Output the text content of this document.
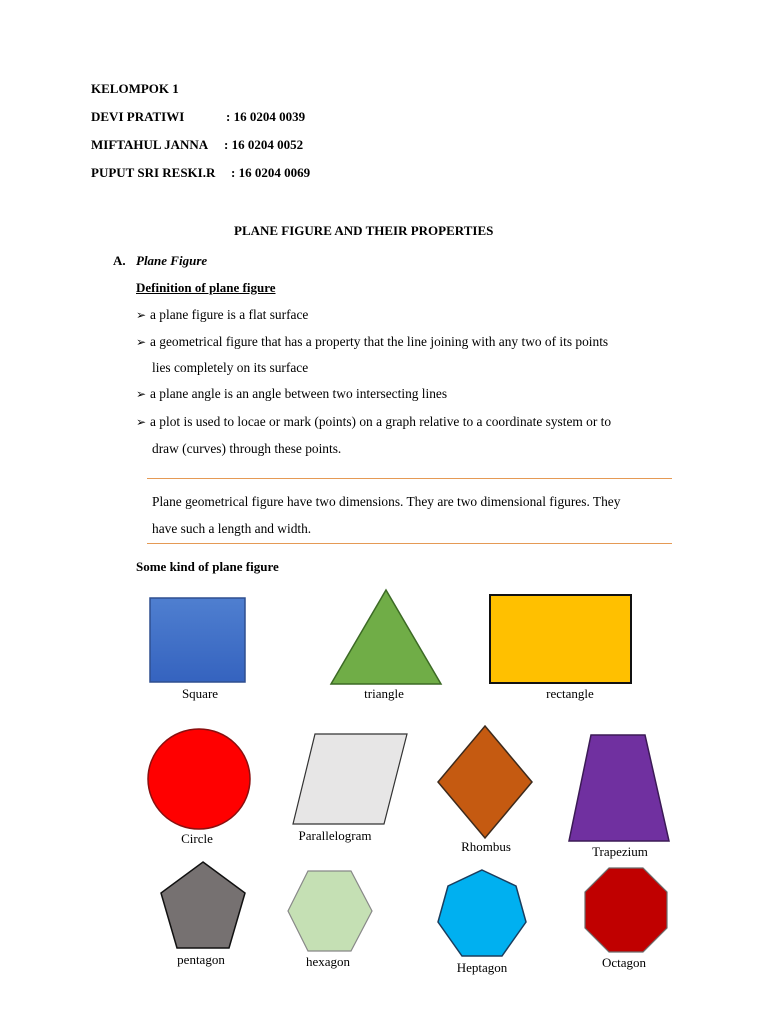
KELOMPOK 1
DEVI PRATIWI	: 16 0204 0039
MIFTAHUL JANNA : 16 0204 0052
PUPUT SRI RESKI.R : 16 0204 0069
PLANE FIGURE AND THEIR PROPERTIES
A. Plane Figure
Definition of plane figure
➢ a plane figure is a flat surface
➢ a geometrical figure that has a property that the line joining with any two of its points
lies completely on its surface
➢ a plane angle is an angle between two intersecting lines
➢ a plot is used to locae or mark (points) on a graph relative to a coordinate system or to
draw (curves) through these points.
Plane geometrical figure have two dimensions. They are two dimensional figures. They
have such a length and width.
Some kind of plane figure
Square	triangle	rectangle
Circle	Parallelogram
Rhombus	Trapezium
pentagon	hexagon	Heptagon	Octagon
